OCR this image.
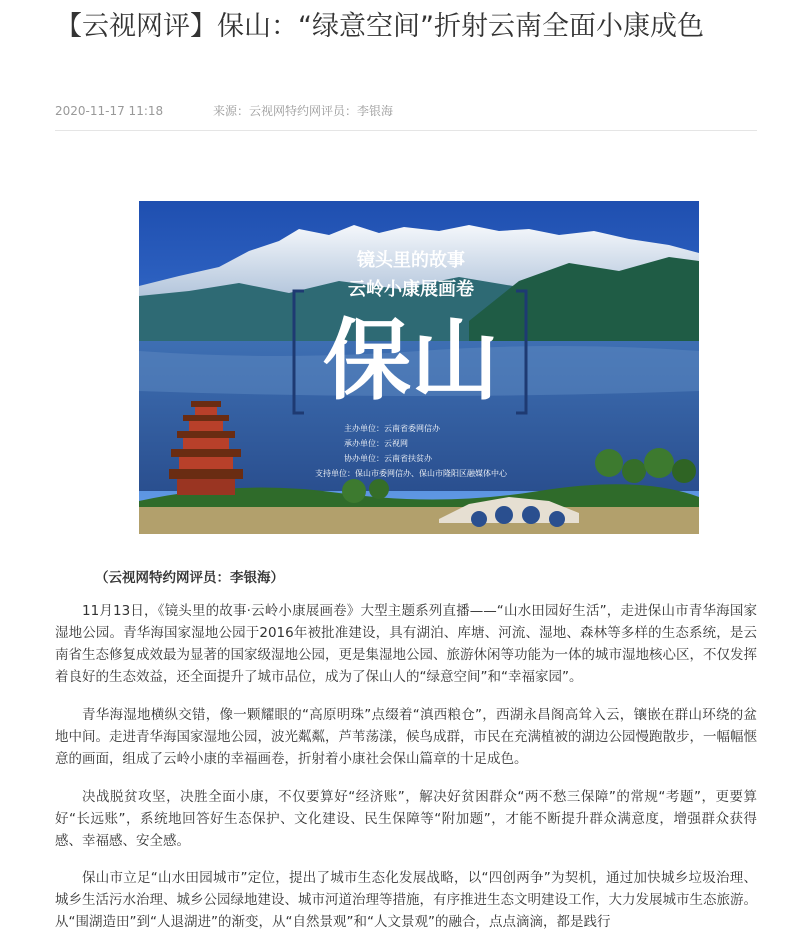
【云视网评】保山：“绿意空间”折射云南全面小康成色
2020-11-17 11:18	来源：云视网特约网评员：李银海
镜头里的故事
云岭小康展画卷
保山
主办单位：云南省委网信办
承办单位：云视网
协办单位：云南省扶贫办
支持单位：保山市委网信办、保山市隆阳区融媒体中心
（云视网特约网评员：李银海）

11月13日，《镜头里的故事·云岭小康展画卷》大型主题系列直播——“山水田园好生活”，走进保山市青华海国家湿地公园。青华海国家湿地公园于2016年被批准建设，具有湖泊、库塘、河流、湿地、森林等多样的生态系统，是云南省生态修复成效最为显著的国家级湿地公园，更是集湿地公园、旅游休闲等功能为一体的城市湿地核心区，不仅发挥着良好的生态效益，还全面提升了城市品位，成为了保山人的“绿意空间”和“幸福家园”。

青华海湿地横纵交错，像一颗耀眼的“高原明珠”点缀着“滇西粮仓”，西湖永昌阁高耸入云，镶嵌在群山环绕的盆地中间。走进青华海国家湿地公园，波光粼粼，芦苇荡漾，候鸟成群，市民在充满植被的湖边公园慢跑散步，一幅幅惬意的画面，组成了云岭小康的幸福画卷，折射着小康社会保山篇章的十足成色。

决战脱贫攻坚，决胜全面小康，不仅要算好“经济账”，解决好贫困群众“两不愁三保障”的常规“考题”，更要算好“长远账”，系统地回答好生态保护、文化建设、民生保障等“附加题”，才能不断提升群众满意度，增强群众获得感、幸福感、安全感。

保山市立足“山水田园城市”定位，提出了城市生态化发展战略，以“四创两争”为契机，通过加快城乡垃圾治理、城乡生活污水治理、城乡公园绿地建设、城市河道治理等措施，有序推进生态文明建设工作，大力发展城市生态旅游。从“围湖造田”到“人退湖进”的渐变，从“自然景观”和“人文景观”的融合，点点滴滴，都是践行
